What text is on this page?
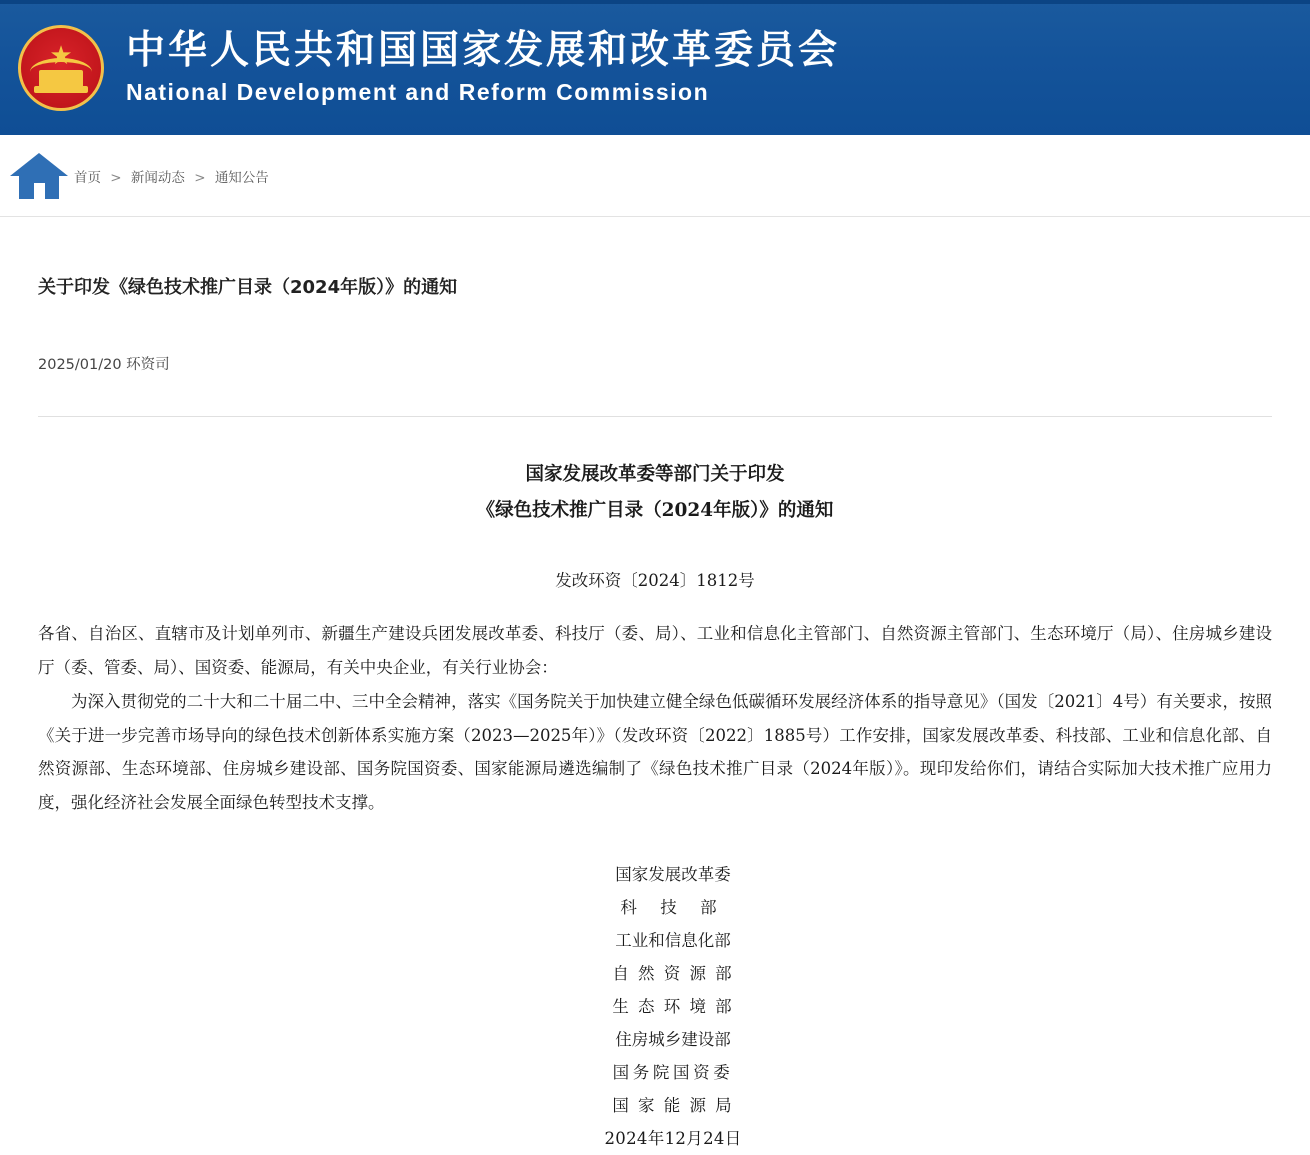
★ 中华人民共和国国家发展和改革委员会
National Development and Reform Commission
首页 > 新闻动态 > 通知公告
关于印发《绿色技术推广目录（2024年版）》的通知
2025/01/20 环资司
国家发展改革委等部门关于印发
《绿色技术推广目录（2024年版）》的通知
发改环资〔2024〕1812号
各省、自治区、直辖市及计划单列市、新疆生产建设兵团发展改革委、科技厅（委、局）、工业和信息化主管部门、自然资源主管部门、生态环境厅（局）、住房城乡建设厅（委、管委、局）、国资委、能源局，有关中央企业，有关行业协会：
为深入贯彻党的二十大和二十届二中、三中全会精神，落实《国务院关于加快建立健全绿色低碳循环发展经济体系的指导意见》（国发〔2021〕4号）有关要求，按照《关于进一步完善市场导向的绿色技术创新体系实施方案（2023—2025年）》（发改环资〔2022〕1885号）工作安排，国家发展改革委、科技部、工业和信息化部、自然资源部、生态环境部、住房城乡建设部、国务院国资委、国家能源局遴选编制了《绿色技术推广目录（2024年版）》。现印发给你们，请结合实际加大技术推广应用力度，强化经济社会发展全面绿色转型技术支撑。
国家发展改革委
科 技 部
工业和信息化部
自 然 资 源 部
生 态 环 境 部
住房城乡建设部
国务院国资委
国 家 能 源 局
2024年12月24日
